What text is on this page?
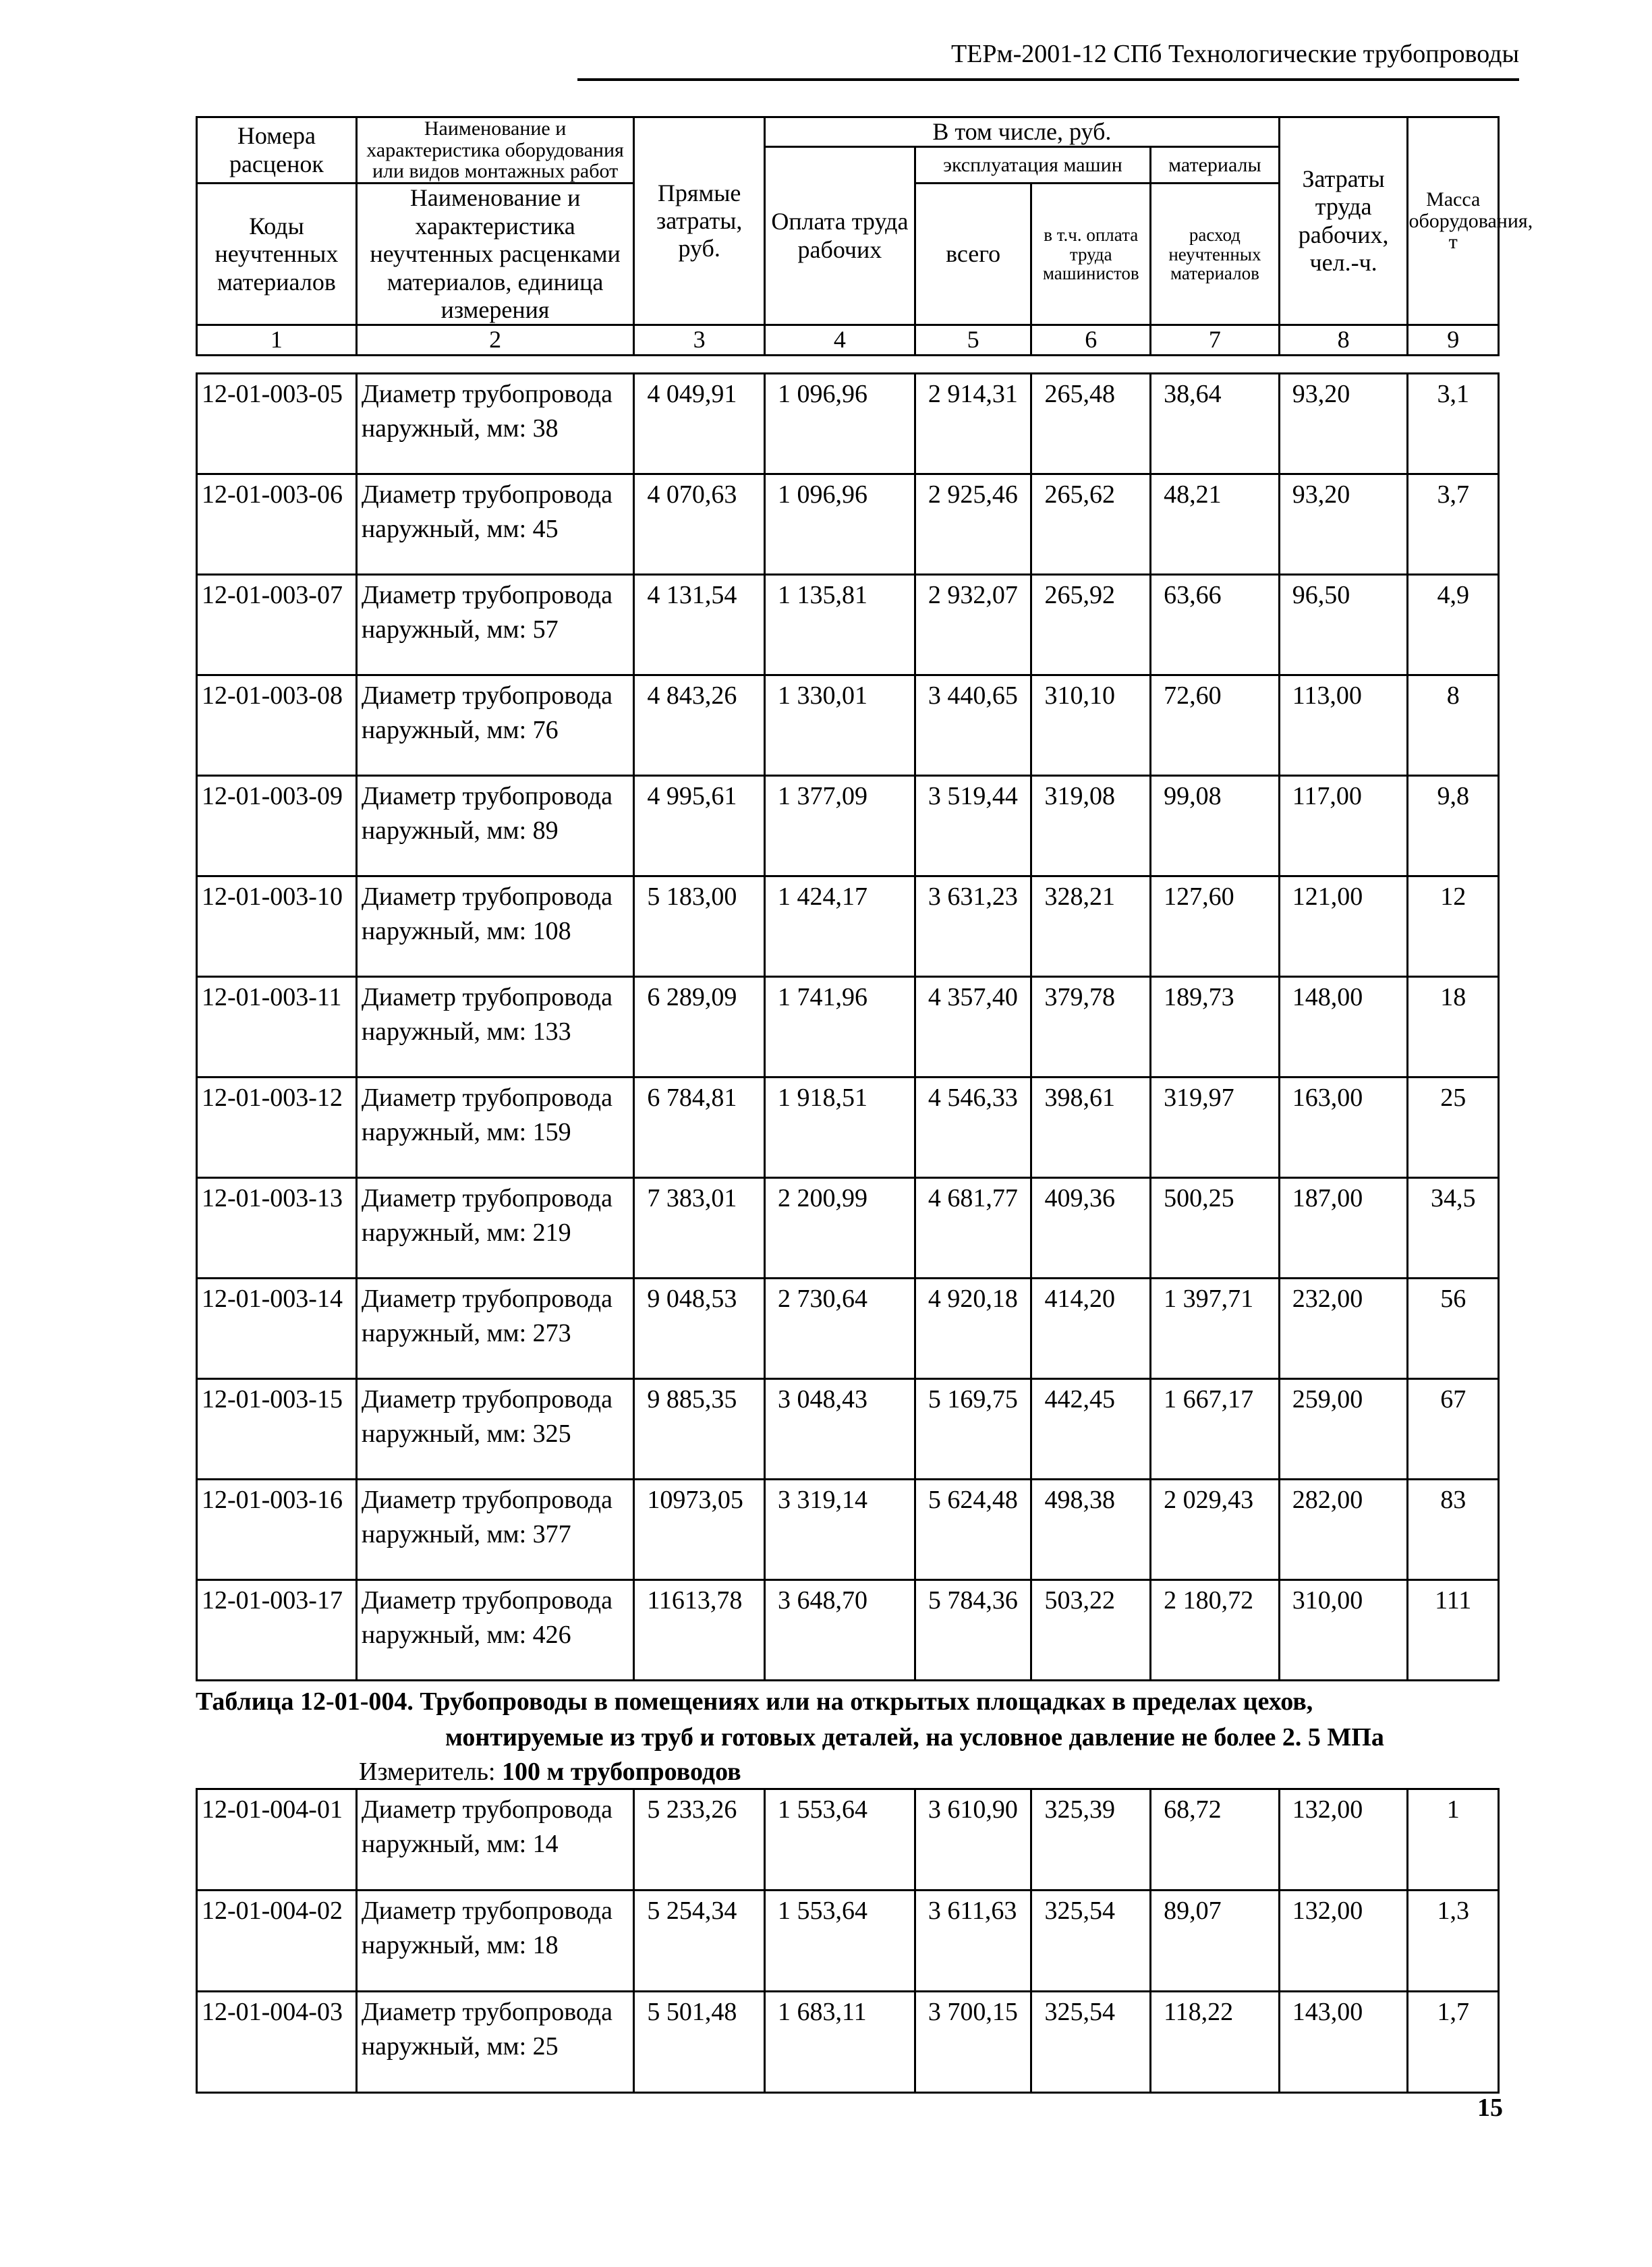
ТЕРм-2001-12 СПб Технологические трубопроводы
Номера расценок	Наименование и характеристика оборудования или видов монтажных работ	Прямые затраты, руб.	В том числе, руб.				Затраты труда рабочих, чел.-ч.	Масса оборудования, т
			Оплата труда рабочих	эксплуатация машин		материалы		
Коды неучтенных материалов	Наименование и характеристика неучтенных расценками материалов, единица измерения			всего	в т.ч. оплата труда машинистов	расход неучтенных материалов		

1	2	3	4	5	6	7	8	9
12-01-003-05	Диаметр трубопровода наружный, мм: 38	4 049,91	1 096,96	2 914,31	265,48	38,64	93,20	3,1
12-01-003-06	Диаметр трубопровода наружный, мм: 45	4 070,63	1 096,96	2 925,46	265,62	48,21	93,20	3,7
12-01-003-07	Диаметр трубопровода наружный, мм: 57	4 131,54	1 135,81	2 932,07	265,92	63,66	96,50	4,9
12-01-003-08	Диаметр трубопровода наружный, мм: 76	4 843,26	1 330,01	3 440,65	310,10	72,60	113,00	8
12-01-003-09	Диаметр трубопровода наружный, мм: 89	4 995,61	1 377,09	3 519,44	319,08	99,08	117,00	9,8
12-01-003-10	Диаметр трубопровода наружный, мм: 108	5 183,00	1 424,17	3 631,23	328,21	127,60	121,00	12
12-01-003-11	Диаметр трубопровода наружный, мм: 133	6 289,09	1 741,96	4 357,40	379,78	189,73	148,00	18
12-01-003-12	Диаметр трубопровода наружный, мм: 159	6 784,81	1 918,51	4 546,33	398,61	319,97	163,00	25
12-01-003-13	Диаметр трубопровода наружный, мм: 219	7 383,01	2 200,99	4 681,77	409,36	500,25	187,00	34,5
12-01-003-14	Диаметр трубопровода наружный, мм: 273	9 048,53	2 730,64	4 920,18	414,20	1 397,71	232,00	56
12-01-003-15	Диаметр трубопровода наружный, мм: 325	9 885,35	3 048,43	5 169,75	442,45	1 667,17	259,00	67
12-01-003-16	Диаметр трубопровода наружный, мм: 377	10973,05	3 319,14	5 624,48	498,38	2 029,43	282,00	83
12-01-003-17	Диаметр трубопровода наружный, мм: 426	11613,78	3 648,70	5 784,36	503,22	2 180,72	310,00	111
Таблица 12-01-004. Трубопроводы в помещениях или на открытых площадках в пределах цехов,
монтируемые из труб и готовых деталей, на условное давление не более 2. 5 МПа
Измеритель: 100 м трубопроводов
12-01-004-01	Диаметр трубопровода наружный, мм: 14	5 233,26	1 553,64	3 610,90	325,39	68,72	132,00	1
12-01-004-02	Диаметр трубопровода наружный, мм: 18	5 254,34	1 553,64	3 611,63	325,54	89,07	132,00	1,3
12-01-004-03	Диаметр трубопровода наружный, мм: 25	5 501,48	1 683,11	3 700,15	325,54	118,22	143,00	1,7
15
